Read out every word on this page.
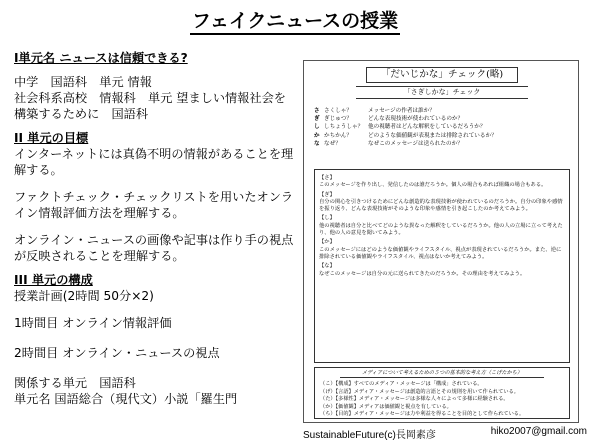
フェイクニュースの授業

I単元名 ニュースは信頼できる?

中学　国語科　単元 情報

社会科系高校　情報科　単元 望ましい情報社会を構築するために　国語科

II 単元の目標

インターネットには真偽不明の情報があることを理解する。

ファクトチェック・チェックリストを用いたオンライン情報評価方法を理解する。

オンライン・ニュースの画像や記事は作り手の視点が反映されることを理解する。

III 単元の構成

授業計画(2時間 50分×2)

1時間目 オンライン情報評価

2時間目 オンライン・ニュースの視点

関係する単元　国語科

単元名 国語総合（現代文）小説「羅生門

「だいじかな」チェック(略)
「さぎしかな」チェック
さ さくしゃ？	メッセージの作者は誰か？
ぎ ぎじゅつ？	どんな表現技術が使われているのか？
し しちょうしゃ？ 他の視聴者はどんな解釈をしているだろうか？
か かちかん？	どのような価値観が表現または排除されているか？
な なぜ？	なぜこのメッセージは送られたのか？

【さ】

このメッセージを作り出し、発信したのは誰だろうか。個人の場合もあれば組織の場合もある。

【ぎ】

自分の関心を引きつけるためにどんな創造的な表現技術が使われているのだろうか。自分の印象や感情を振り返り、どんな表現技術がそのような印象や感情を引き起こしたのか考えてみよう。

【し】

他の視聴者は自分と比べてどのような異なった解釈をしているだろうか。他の人の立場に立って考えたり、他の人の意見を聞いてみよう。

【か】

このメッセージにはどのような価値観やライフスタイル、視点が表現されているだろうか。また、逆に排除されている価値観やライフスタイル、視点はないか考えてみよう。

【な】

なぜこのメッセージは自分の元に送られてきたのだろうか。その理由を考えてみよう。

メディアについて考えるための５つの基本的な考え方（こげたかち）

（こ）【構成】すべてのメディア・メッセージは「構成」されている。

（げ）【言語】メディア・メッセージは創造的言語とその規則を用いて作られている。

（た）【多様性】メディア・メッセージは多様な人々によって多様に経験される。

（か）【価値観】メディアは価値観と視点を有している。

（ち）【目的】メディア・メッセージは力や利益を得ることを目的として作られている。

SustainableFuture(c)長岡素彦	hiko2007@gmail.com
